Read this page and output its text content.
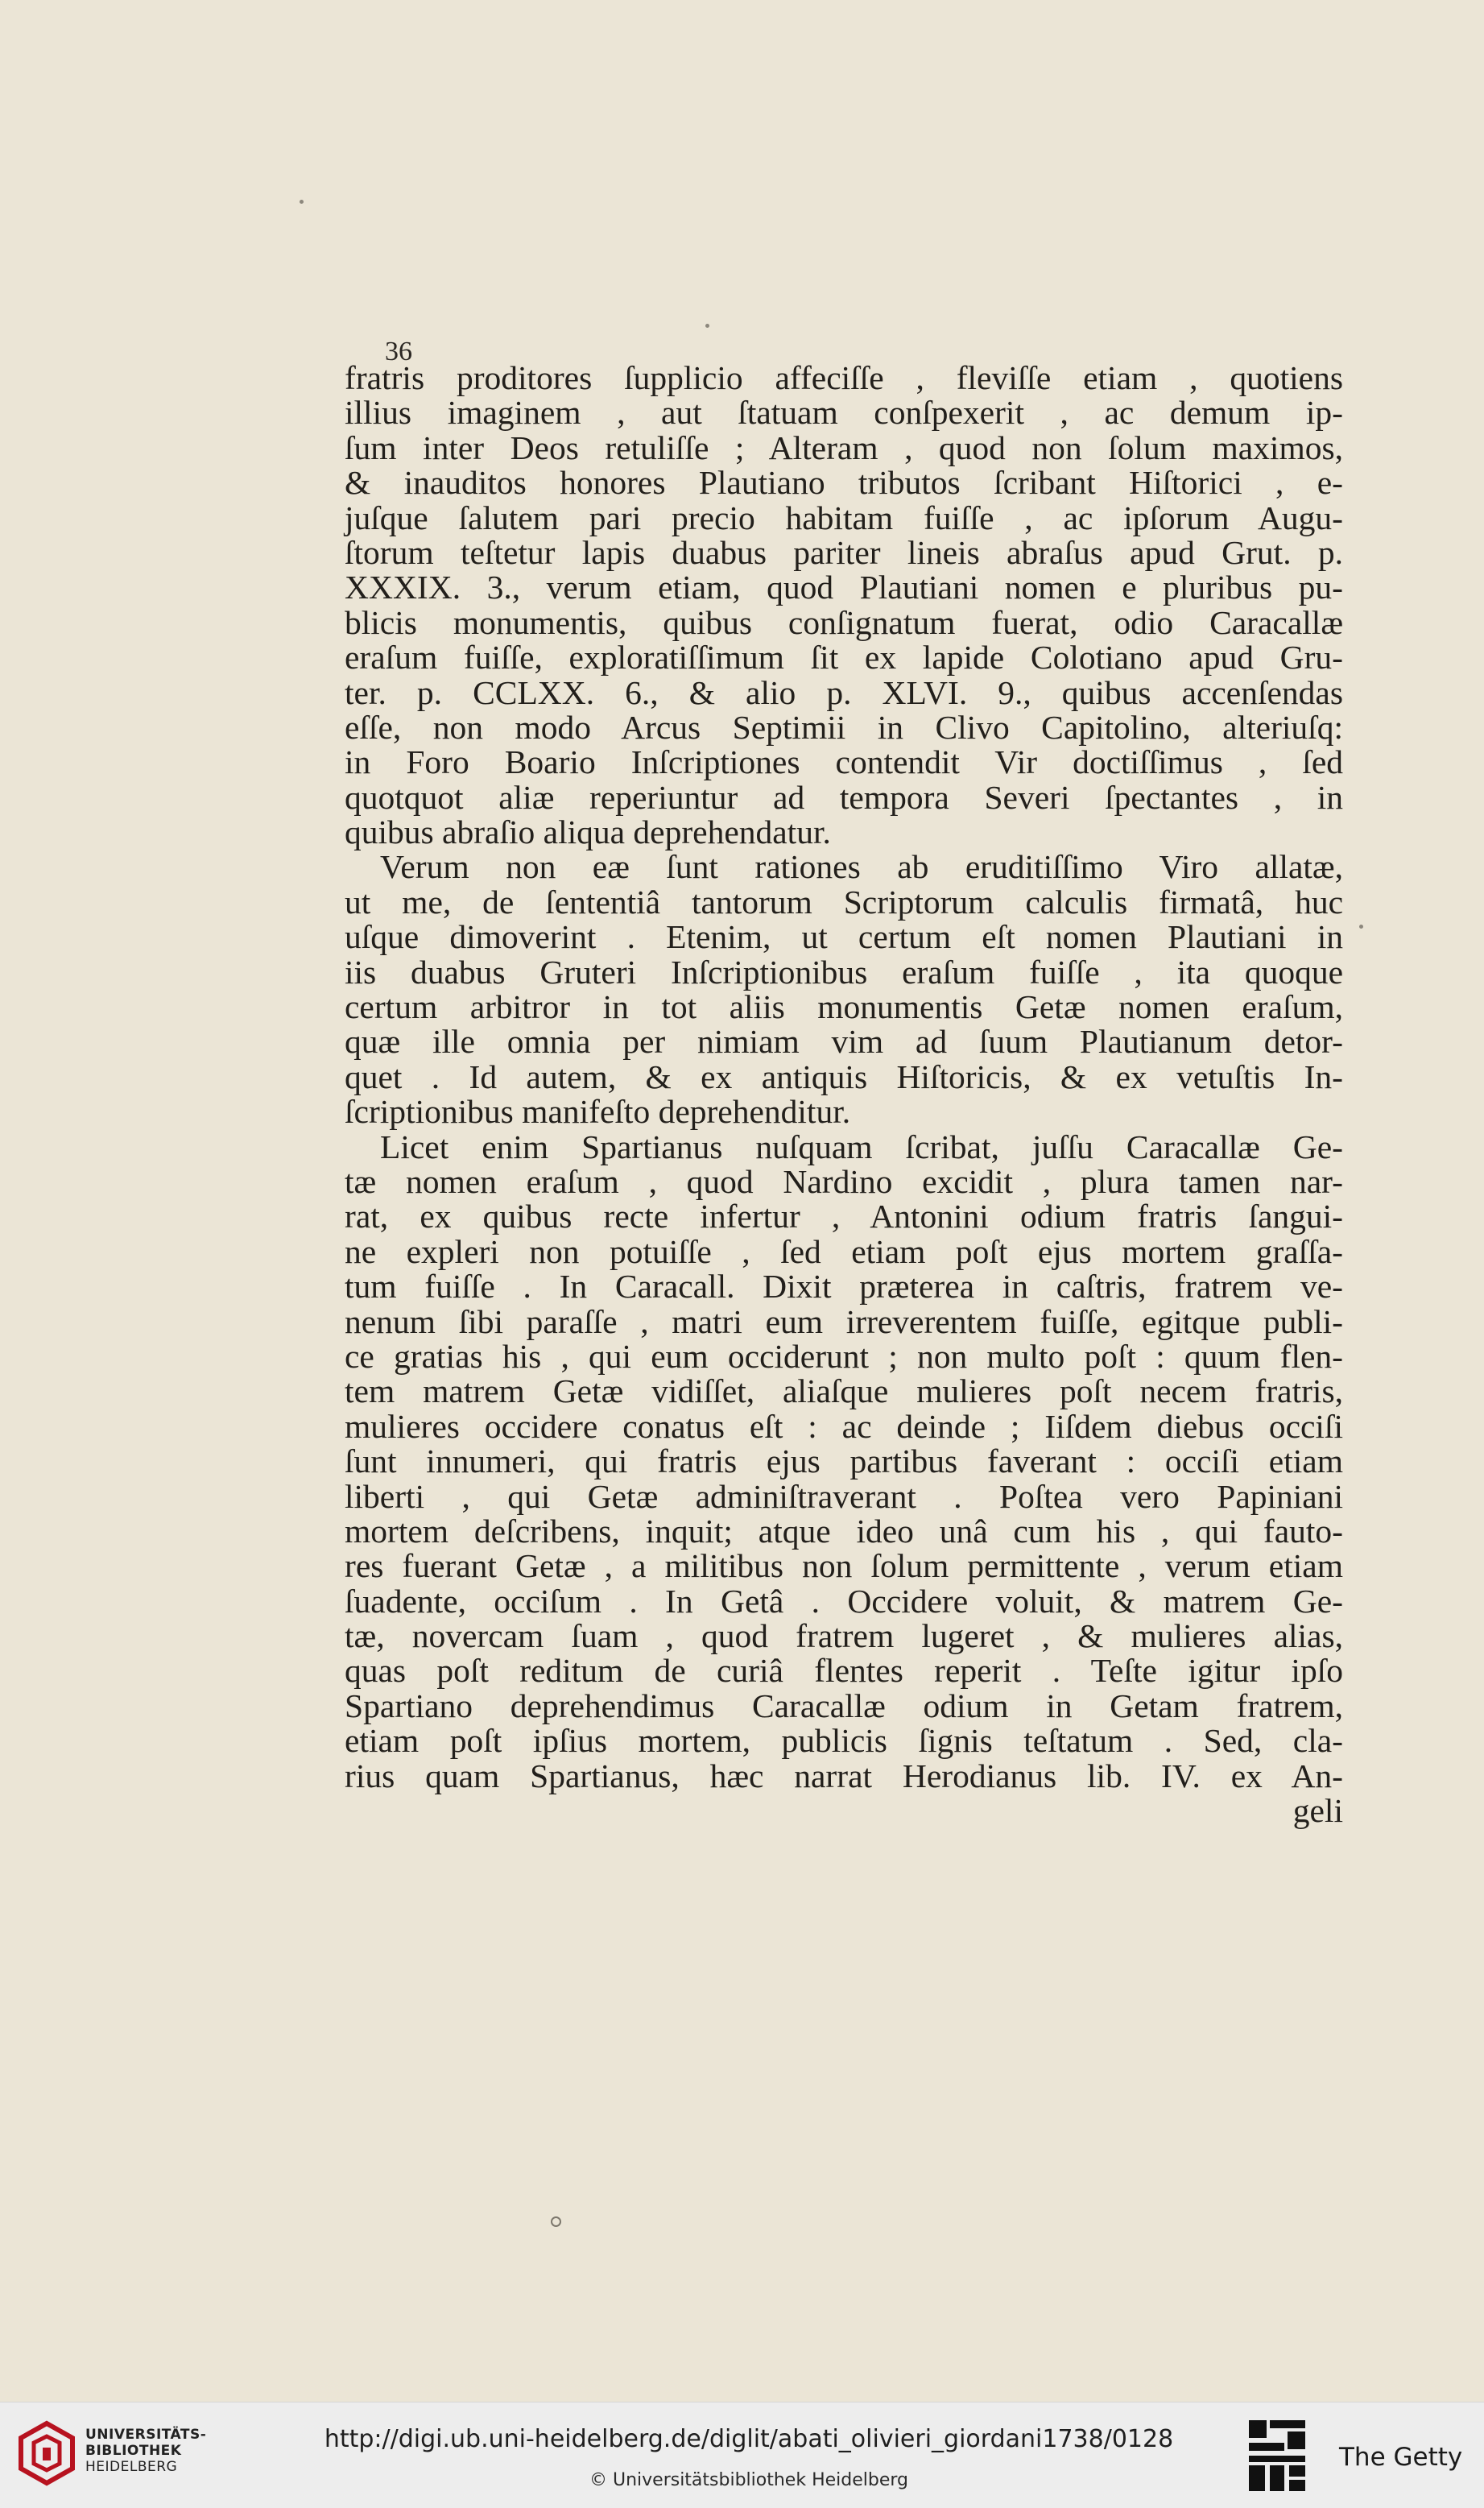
36
fratris proditores ſupplicio affeciſſe , fleviſſe etiam , quotiens
illius imaginem , aut ſtatuam conſpexerit , ac demum ip-
ſum inter Deos retuliſſe ; Alteram , quod non ſolum maximos,
& inauditos honores Plautiano tributos ſcribant Hiſtorici , e-
juſque ſalutem pari precio habitam fuiſſe , ac ipſorum Augu-
ſtorum teſtetur lapis duabus pariter lineis abraſus apud Grut. p.
XXXIX. 3., verum etiam, quod Plautiani nomen e pluribus pu-
blicis monumentis, quibus conſignatum fuerat, odio Caracallæ
eraſum fuiſſe, exploratiſſimum ſit ex lapide Colotiano apud Gru-
ter. p. CCLXX. 6., & alio p. XLVI. 9., quibus accenſendas
eſſe, non modo Arcus Septimii in Clivo Capitolino, alteriuſq:
in Foro Boario Inſcriptiones contendit Vir doctiſſimus , ſed
quotquot aliæ reperiuntur ad tempora Severi ſpectantes , in
quibus abraſio aliqua deprehendatur.
Verum non eæ ſunt rationes ab eruditiſſimo Viro allatæ,
ut me, de ſententiâ tantorum Scriptorum calculis firmatâ, huc
uſque dimoverint . Etenim, ut certum eſt nomen Plautiani in
iis duabus Gruteri Inſcriptionibus eraſum fuiſſe , ita quoque
certum arbitror in tot aliis monumentis Getæ nomen eraſum,
quæ ille omnia per nimiam vim ad ſuum Plautianum detor-
quet . Id autem, & ex antiquis Hiſtoricis, & ex vetuſtis In-
ſcriptionibus manifeſto deprehenditur.
Licet enim Spartianus nuſquam ſcribat, juſſu Caracallæ Ge-
tæ nomen eraſum , quod Nardino excidit , plura tamen nar-
rat, ex quibus recte infertur , Antonini odium fratris ſangui-
ne expleri non potuiſſe , ſed etiam poſt ejus mortem graſſa-
tum fuiſſe . In Caracall. Dixit præterea in caſtris, fratrem ve-
nenum ſibi paraſſe , matri eum irreverentem fuiſſe, egitque publi-
ce gratias his , qui eum occiderunt ; non multo poſt : quum flen-
tem matrem Getæ vidiſſet, aliaſque mulieres poſt necem fratris,
mulieres occidere conatus eſt : ac deinde ; Iiſdem diebus occiſi
ſunt innumeri, qui fratris ejus partibus faverant : occiſi etiam
liberti , qui Getæ adminiſtraverant . Poſtea vero Papiniani
mortem deſcribens, inquit; atque ideo unâ cum his , qui fauto-
res fuerant Getæ , a militibus non ſolum permittente , verum etiam
ſuadente, occiſum . In Getâ . Occidere voluit, & matrem Ge-
tæ, novercam ſuam , quod fratrem lugeret , & mulieres alias,
quas poſt reditum de curiâ flentes reperit . Teſte igitur ipſo
Spartiano deprehendimus Caracallæ odium in Getam fratrem,
etiam poſt ipſius mortem, publicis ſignis teſtatum . Sed, cla-
rius quam Spartianus, hæc narrat Herodianus lib. IV. ex An-
geli
UNIVERSITÄTS-
BIBLIOTHEK
HEIDELBERG
http://digi.ub.uni-heidelberg.de/diglit/abati_olivieri_giordani1738/0128
© Universitätsbibliothek Heidelberg
The Getty
